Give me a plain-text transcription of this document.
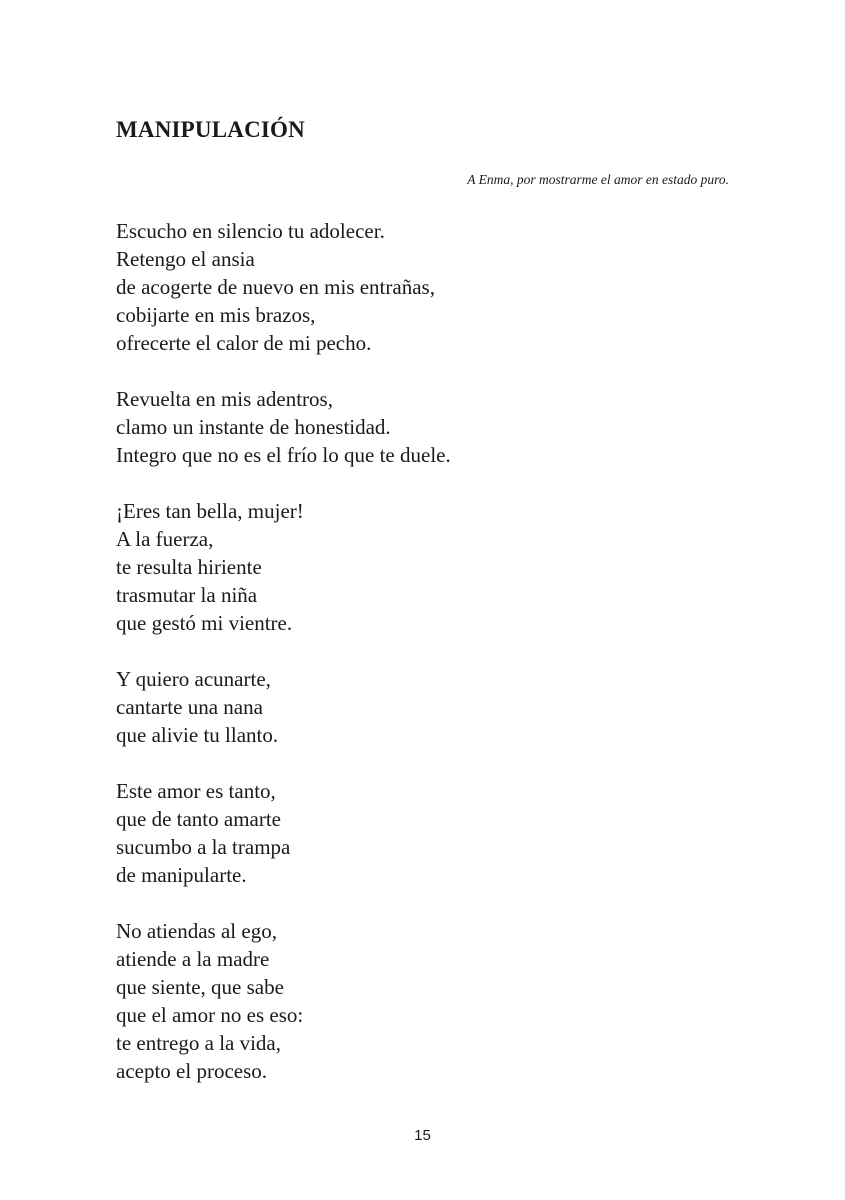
MANIPULACIÓN

A Enma, por mostrarme el amor en estado puro.

Escucho en silencio tu adolecer.
Retengo el ansia
de acogerte de nuevo en mis entrañas,
cobijarte en mis brazos,
ofrecerte el calor de mi pecho.

Revuelta en mis adentros,
clamo un instante de honestidad.
Integro que no es el frío lo que te duele.

¡Eres tan bella, mujer!
A la fuerza,
te resulta hiriente
trasmutar la niña
que gestó mi vientre.

Y quiero acunarte,
cantarte una nana
que alivie tu llanto.

Este amor es tanto,
que de tanto amarte
sucumbo a la trampa
de manipularte.

No atiendas al ego,
atiende a la madre
que siente, que sabe
que el amor no es eso:
te entrego a la vida,
acepto el proceso.

15
